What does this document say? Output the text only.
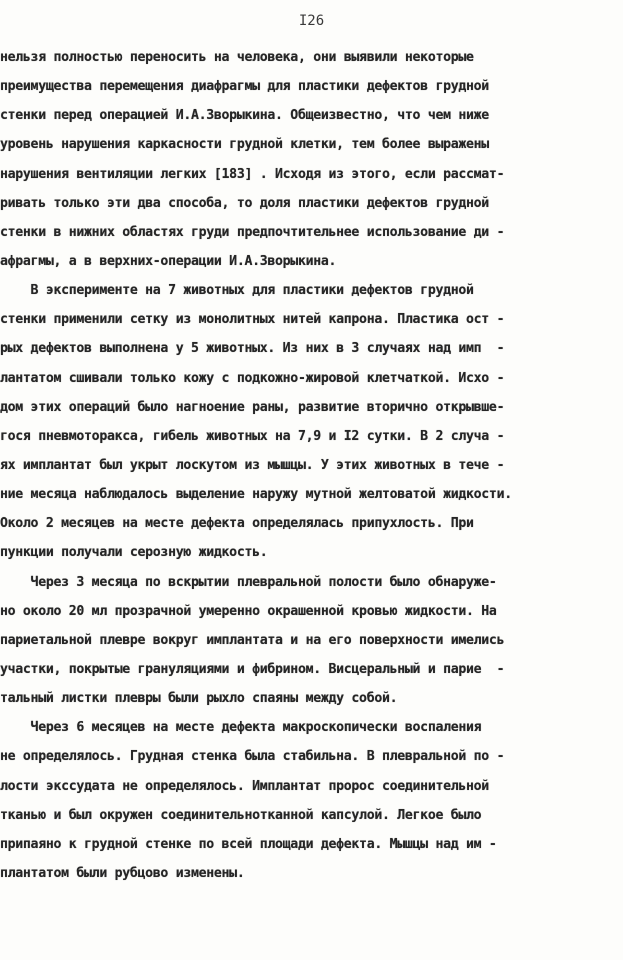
I26
нельзя полностью переносить на человека, они выявили некоторые
преимущества перемещения диафрагмы для пластики дефектов грудной
стенки перед операцией И.А.Зворыкина. Общеизвестно, что чем ниже
уровень нарушения каркасности грудной клетки, тем более выражены
нарушения вентиляции легких [183] . Исходя из этого, если рассмат-
ривать только эти два способа, то доля пластики дефектов грудной
стенки в нижних областях груди предпочтительнее использование ди -
афрагмы, а в верхних-операции И.А.Зворыкина.
В эксперименте на 7 животных для пластики дефектов грудной
стенки применили сетку из монолитных нитей капрона. Пластика ост -
рых дефектов выполнена у 5 животных. Из них в 3 случаях над имп  -
лантатом сшивали только кожу с подкожно-жировой клетчаткой. Исхо -
дом этих операций было нагноение раны, развитие вторично открывше-
гося пневмоторакса, гибель животных на 7,9 и I2 сутки. В 2 случа -
ях имплантат был укрыт лоскутом из мышцы. У этих животных в тече -
ние месяца наблюдалось выделение наружу мутной желтоватой жидкости.
Около 2 месяцев на месте дефекта определялась припухлость. При
пункции получали серозную жидкость.
Через 3 месяца по вскрытии плевральной полости было обнаруже-
но около 20 мл прозрачной умеренно окрашенной кровью жидкости. На
париетальной плевре вокруг имплантата и на его поверхности имелись
участки, покрытые грануляциями и фибрином. Висцеральный и парие  -
тальный листки плевры были рыхло спаяны между собой.
Через 6 месяцев на месте дефекта макроскопически воспаления
не определялось. Грудная стенка была стабильна. В плевральной по -
лости экссудата не определялось. Имплантат пророс соединительной
тканью и был окружен соединительнотканной капсулой. Легкое было
припаяно к грудной стенке по всей площади дефекта. Мышцы над им -
плантатом были рубцово изменены.
